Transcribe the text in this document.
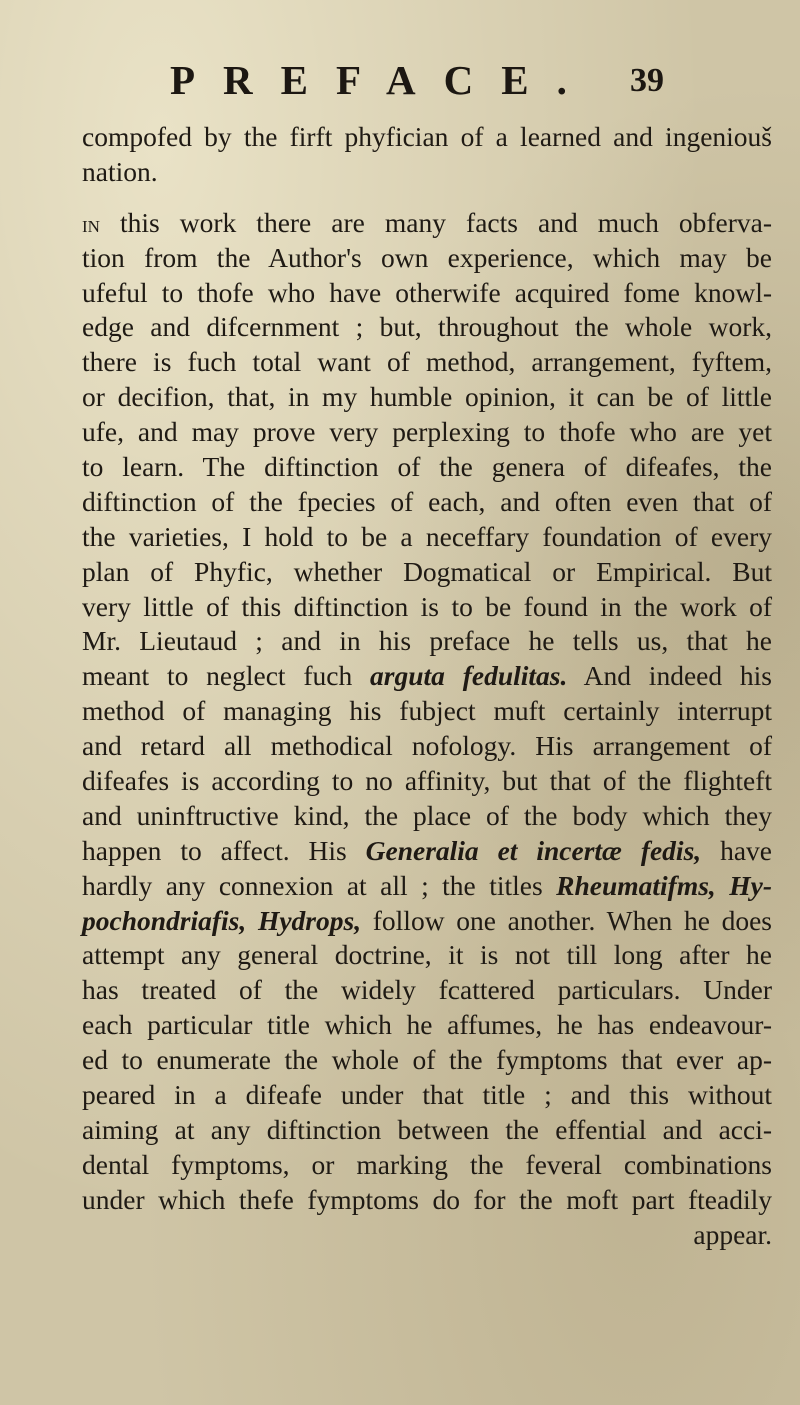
PREFACE. 39
compofed by the firft phyfician of a learned and ingeniouš
nation.
in this work there are many facts and much obferva-
tion from the Author's own experience, which may be
ufeful to thofe who have otherwife acquired fome knowl-
edge and difcernment ; but, throughout the whole work,
there is fuch total want of method, arrangement, fyftem,
or decifion, that, in my humble opinion, it can be of little
ufe, and may prove very perplexing to thofe who are yet
to learn. The diftinction of the genera of difeafes, the
diftinction of the fpecies of each, and often even that of
the varieties, I hold to be a neceffary foundation of every
plan of Phyfic, whether Dogmatical or Empirical. But
very little of this diftinction is to be found in the work of
Mr. Lieutaud ; and in his preface he tells us, that he
meant to neglect fuch arguta fedulitas. And indeed his
method of managing his fubject muft certainly interrupt
and retard all methodical nofology. His arrangement of
difeafes is according to no affinity, but that of the flighteft
and uninftructive kind, the place of the body which they
happen to affect. His Generalia et incertæ fedis, have
hardly any connexion at all ; the titles Rheumatifms, Hy-
pochondriafis, Hydrops, follow one another. When he does
attempt any general doctrine, it is not till long after he
has treated of the widely fcattered particulars. Under
each particular title which he affumes, he has endeavour-
ed to enumerate the whole of the fymptoms that ever ap-
peared in a difeafe under that title ; and this without
aiming at any diftinction between the effential and acci-
dental fymptoms, or marking the feveral combinations
under which thefe fymptoms do for the moft part fteadily
appear.
